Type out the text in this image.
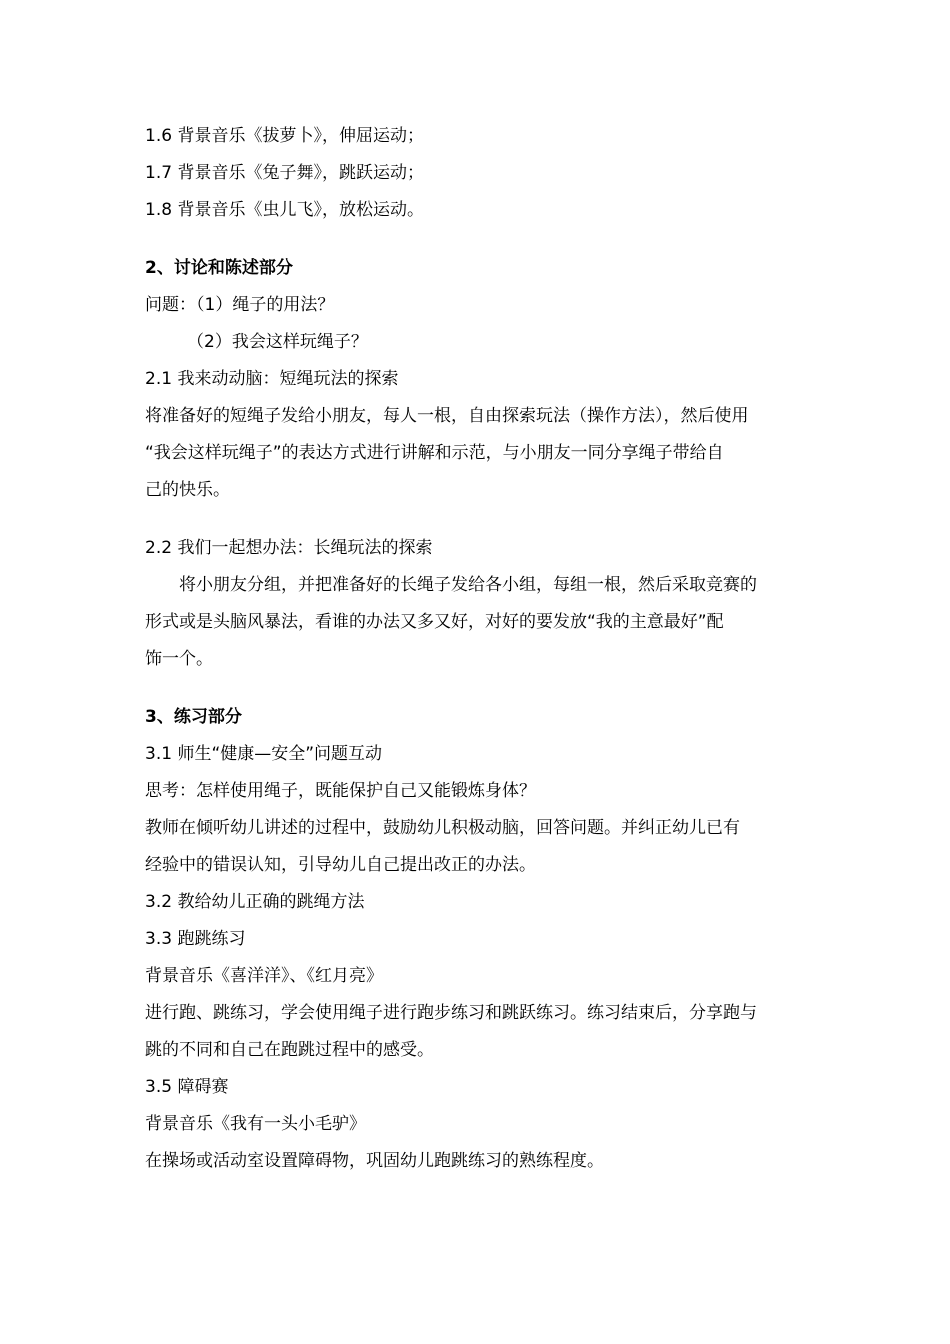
1.6 背景音乐《拔萝卜》，伸屈运动；
1.7 背景音乐《兔子舞》，跳跃运动；
1.8 背景音乐《虫儿飞》，放松运动。
2、讨论和陈述部分
问题：（1）绳子的用法？
（2）我会这样玩绳子？
2.1 我来动动脑：短绳玩法的探索
将准备好的短绳子发给小朋友，每人一根，自由探索玩法（操作方法），然后使用
“我会这样玩绳子”的表达方式进行讲解和示范，与小朋友一同分享绳子带给自
己的快乐。
2.2 我们一起想办法：长绳玩法的探索
将小朋友分组，并把准备好的长绳子发给各小组，每组一根，然后采取竞赛的
形式或是头脑风暴法，看谁的办法又多又好，对好的要发放“我的主意最好”配
饰一个。
3、练习部分
3.1 师生“健康—安全”问题互动
思考：怎样使用绳子，既能保护自己又能锻炼身体？
教师在倾听幼儿讲述的过程中，鼓励幼儿积极动脑，回答问题。并纠正幼儿已有
经验中的错误认知，引导幼儿自己提出改正的办法。
3.2 教给幼儿正确的跳绳方法
3.3 跑跳练习
背景音乐《喜洋洋》、《红月亮》
进行跑、跳练习，学会使用绳子进行跑步练习和跳跃练习。练习结束后，分享跑与
跳的不同和自己在跑跳过程中的感受。
3.5 障碍赛
背景音乐《我有一头小毛驴》
在操场或活动室设置障碍物，巩固幼儿跑跳练习的熟练程度。
